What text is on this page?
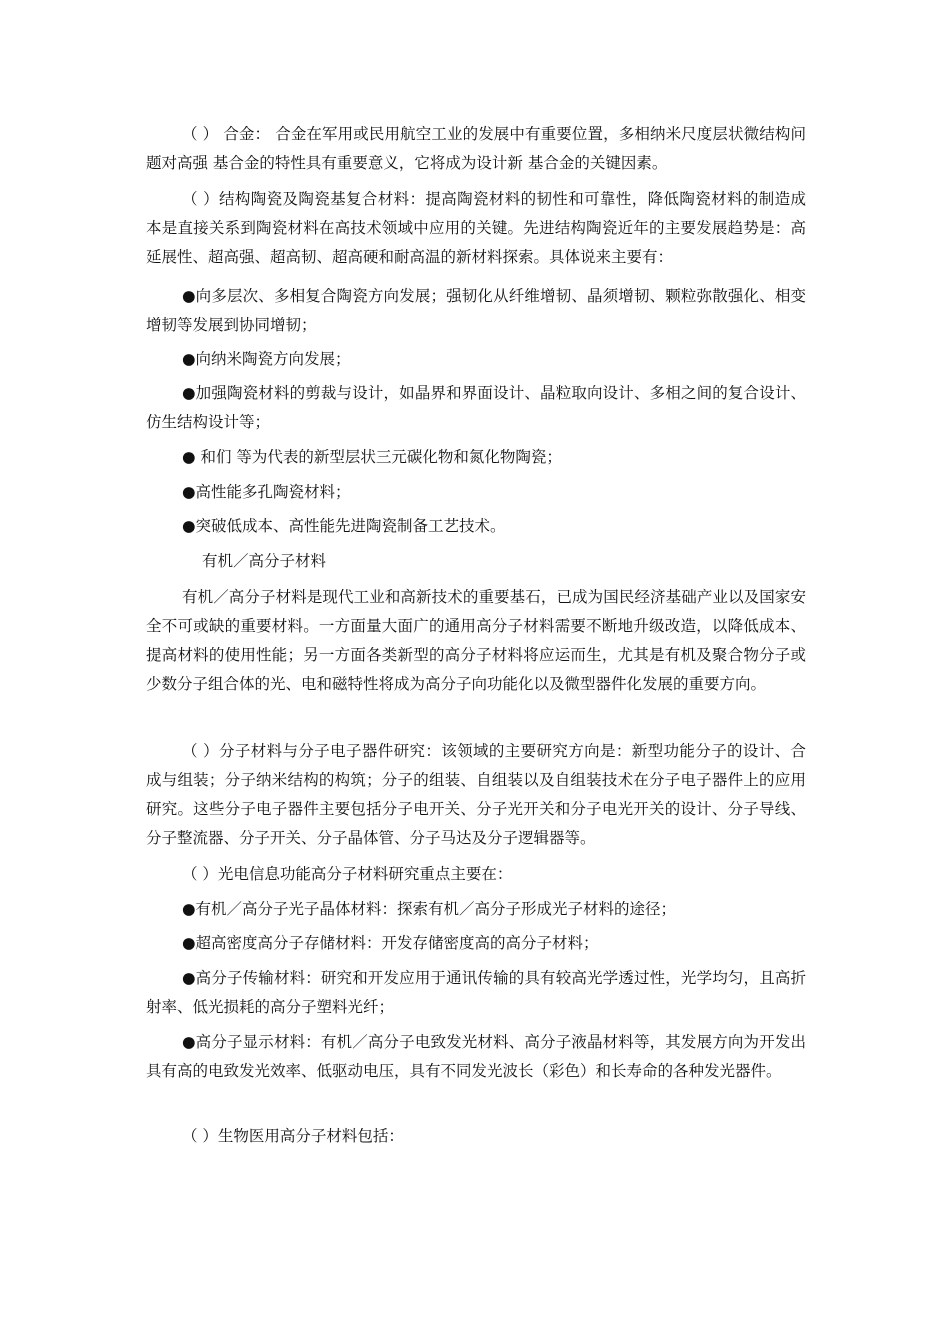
（ ） 合金： 合金在军用或民用航空工业的发展中有重要位置，多相纳米尺度层状微结构问题对高强 基合金的特性具有重要意义，它将成为设计新 基合金的关键因素。

（ ）结构陶瓷及陶瓷基复合材料：提高陶瓷材料的韧性和可靠性，降低陶瓷材料的制造成本是直接关系到陶瓷材料在高技术领域中应用的关键。先进结构陶瓷近年的主要发展趋势是：高延展性、超高强、超高韧、超高硬和耐高温的新材料探索。具体说来主要有：

●向多层次、多相复合陶瓷方向发展；强韧化从纤维增韧、晶须增韧、颗粒弥散强化、相变增韧等发展到协同增韧；

●向纳米陶瓷方向发展；

●加强陶瓷材料的剪裁与设计，如晶界和界面设计、晶粒取向设计、多相之间的复合设计、仿生结构设计等；

● 和们 等为代表的新型层状三元碳化物和氮化物陶瓷；

●高性能多孔陶瓷材料；

●突破低成本、高性能先进陶瓷制备工艺技术。

有机／高分子材料

有机／高分子材料是现代工业和高新技术的重要基石，已成为国民经济基础产业以及国家安全不可或缺的重要材料。一方面量大面广的通用高分子材料需要不断地升级改造，以降低成本、提高材料的使用性能；另一方面各类新型的高分子材料将应运而生，尤其是有机及聚合物分子或少数分子组合体的光、电和磁特性将成为高分子向功能化以及微型器件化发展的重要方向。

（ ）分子材料与分子电子器件研究：该领域的主要研究方向是：新型功能分子的设计、合成与组装；分子纳米结构的构筑；分子的组装、自组装以及自组装技术在分子电子器件上的应用研究。这些分子电子器件主要包括分子电开关、分子光开关和分子电光开关的设计、分子导线、分子整流器、分子开关、分子晶体管、分子马达及分子逻辑器等。

（ ）光电信息功能高分子材料研究重点主要在：

●有机／高分子光子晶体材料：探索有机／高分子形成光子材料的途径；

●超高密度高分子存储材料：开发存储密度高的高分子材料；

●高分子传输材料：研究和开发应用于通讯传输的具有较高光学透过性，光学均匀，且高折射率、低光损耗的高分子塑料光纤；

●高分子显示材料：有机／高分子电致发光材料、高分子液晶材料等，其发展方向为开发出具有高的电致发光效率、低驱动电压，具有不同发光波长（彩色）和长寿命的各种发光器件。

（ ）生物医用高分子材料包括：
